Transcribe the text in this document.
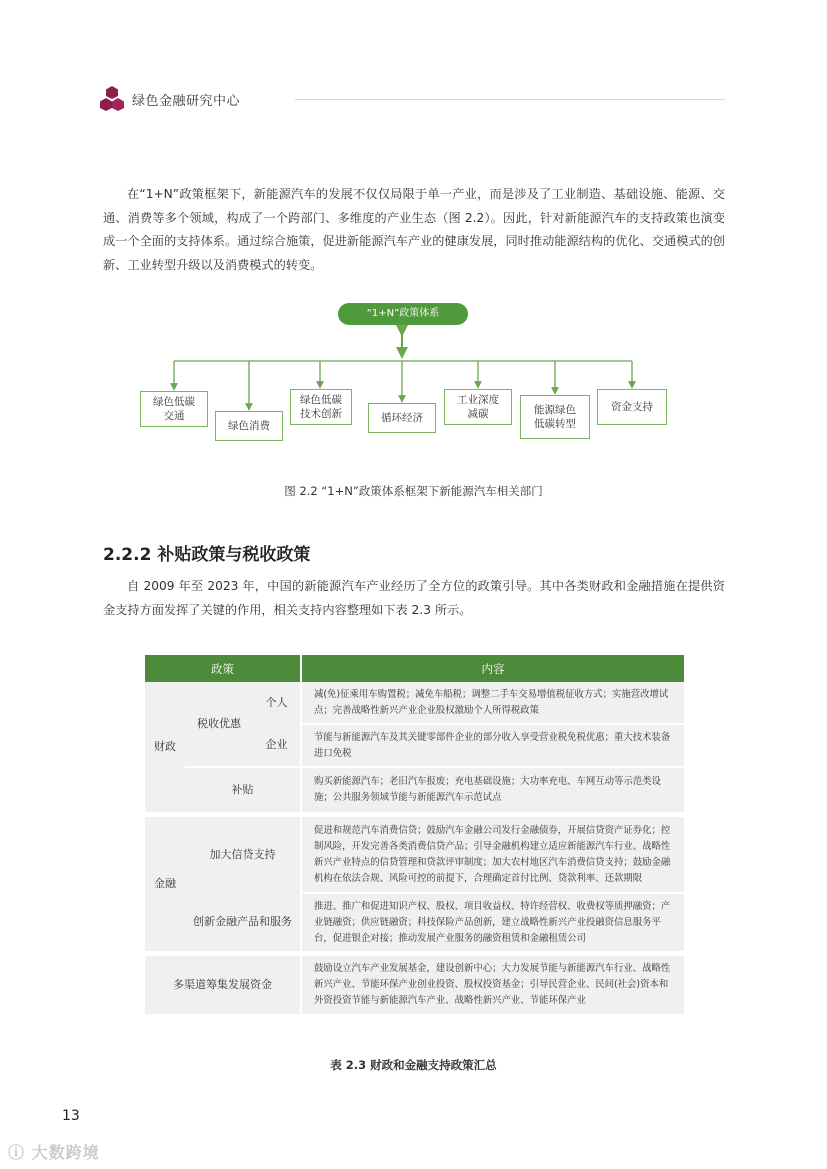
绿色金融研究中心
在“1+N”政策框架下，新能源汽车的发展不仅仅局限于单一产业，而是涉及了工业制造、基础设施、能源、交通、消费等多个领域，构成了一个跨部门、多维度的产业生态（图 2.2）。因此，针对新能源汽车的支持政策也演变成一个全面的支持体系。通过综合施策，促进新能源汽车产业的健康发展，同时推动能源结构的优化、交通模式的创新、工业转型升级以及消费模式的转变。
“1+N”政策体系
绿色低碳
交通
绿色消费
绿色低碳
技术创新	循环经济
工业深度
减碳	能源绿色
低碳转型
资金支持
图 2.2 “1+N”政策体系框架下新能源汽车相关部门
2.2.2 补贴政策与税收政策
自 2009 年至 2023 年，中国的新能源汽车产业经历了全方位的政策引导。其中各类财政和金融措施在提供资金支持方面发挥了关键的作用，相关支持内容整理如下表 2.3 所示。
政策			内容
财政	税收优惠	个人	减(免)征乘用车购置税；减免车船税；调整二手车交易增值税征收方式；实施营改增试点；完善战略性新兴产业企业股权激励个人所得税政策
		企业	节能与新能源汽车及其关键零部件企业的部分收入享受营业税免税优惠；重大技术装备进口免税
	补贴		购买新能源汽车；老旧汽车报废；充电基础设施；大功率充电、车网互动等示范类设施；公共服务领域节能与新能源汽车示范试点

金融	加大信贷支持		促进和规范汽车消费信贷；鼓励汽车金融公司发行金融债券，开展信贷资产证券化；控制风险，开发完善各类消费信贷产品；引导金融机构建立适应新能源汽车行业、战略性新兴产业特点的信贷管理和贷款评审制度；加大农村地区汽车消费信贷支持；鼓励金融机构在依法合规、风险可控的前提下，合理确定首付比例、贷款利率、还款期限
	创新金融产品和服务		推进、推广和促进知识产权、股权、项目收益权、特许经营权、收费权等质押融资；产业链融资；供应链融资；科技保险产品创新，建立战略性新兴产业投融资信息服务平台，促进银企对接；推动发展产业服务的融资租赁和金融租赁公司

多渠道筹集发展资金			鼓励设立汽车产业发展基金，建设创新中心；大力发展节能与新能源汽车行业、战略性新兴产业、节能环保产业创业投资、股权投资基金；引导民营企业、民间(社会)资本和外资投资节能与新能源汽车产业、战略性新兴产业、节能环保产业
表 2.3 财政和金融支持政策汇总
13
ⓘ 大数跨境
